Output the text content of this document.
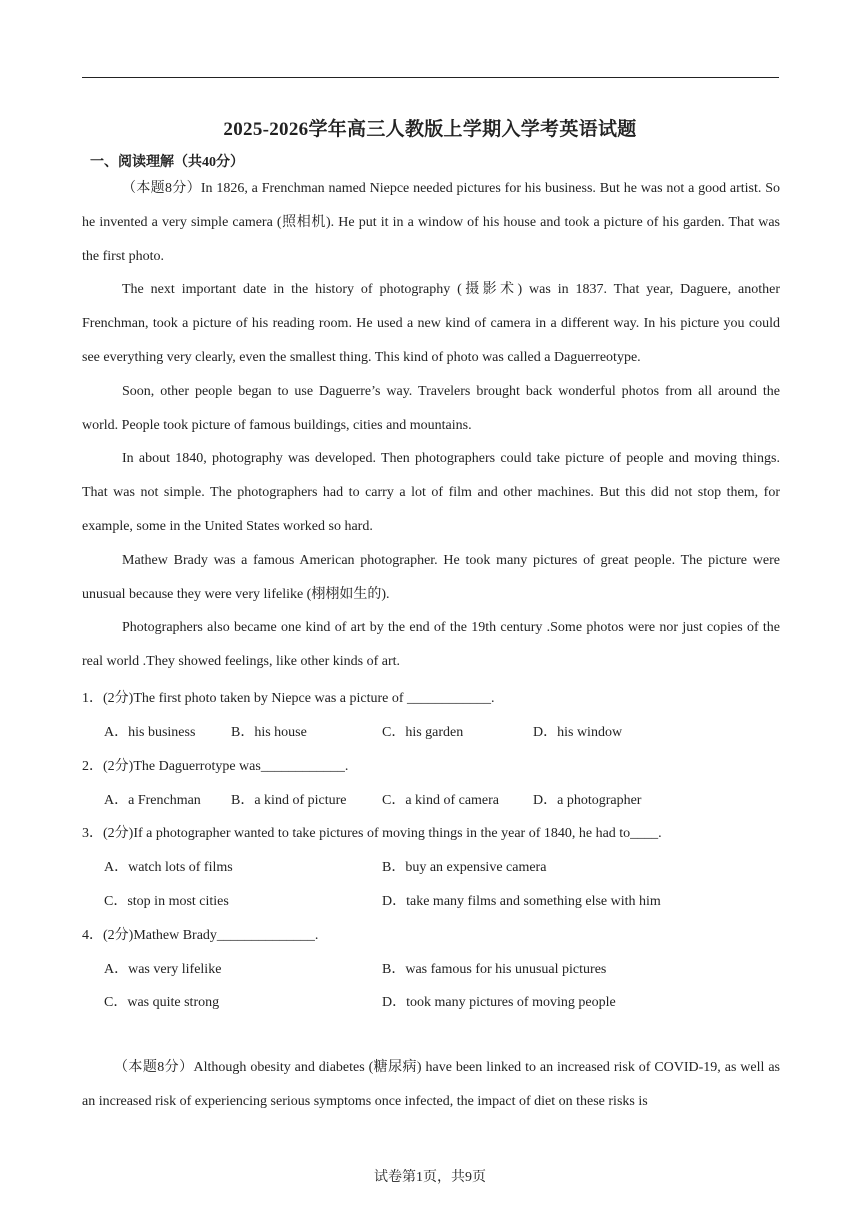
2025-2026学年高三人教版上学期入学考英语试题
一、阅读理解（共40分）

（本题8分）In 1826, a Frenchman named Niepce needed pictures for his business. But he was not a good artist. So he invented a very simple camera (照相机). He put it in a window of his house and took a picture of his garden. That was the first photo.

The next important date in the history of photography (摄影术) was in 1837. That year, Daguere, another Frenchman, took a picture of his reading room. He used a new kind of camera in a different way. In his picture you could see everything very clearly, even the smallest thing. This kind of photo was called a Daguerreotype.

Soon, other people began to use Daguerre’s way. Travelers brought back wonderful photos from all around the world. People took picture of famous buildings, cities and mountains.

In about 1840, photography was developed. Then photographers could take picture of people and moving things. That was not simple. The photographers had to carry a lot of film and other machines. But this did not stop them, for example, some in the United States worked so hard.

Mathew Brady was a famous American photographer. He took many pictures of great people. The picture were unusual because they were very lifelike (栩栩如生的).

Photographers also became one kind of art by the end of the 19th century .Some photos were nor just copies of the real world .They showed feelings, like other kinds of art.

1．(2分)The first photo taken by Niepce was a picture of ____________.
A．his business	B．his house	C．his garden	D．his window
2．(2分)The Daguerrotype was____________.
A．a Frenchman B．a kind of picture	C．a kind of camera D．a photographer
3．(2分)If a photographer wanted to take pictures of moving things in the year of 1840, he had to____.
A．watch lots of films	B．buy an expensive camera
C．stop in most cities	D．take many films and something else with him
4．(2分)Mathew Brady______________.
A．was very lifelike	B．was famous for his unusual pictures
C．was quite strong	D．took many pictures of moving people

（本题8分）Although obesity and diabetes (糖尿病) have been linked to an increased risk of COVID-19, as well as an increased risk of experiencing serious symptoms once infected, the impact of diet on these risks is

试卷第1页，共9页
